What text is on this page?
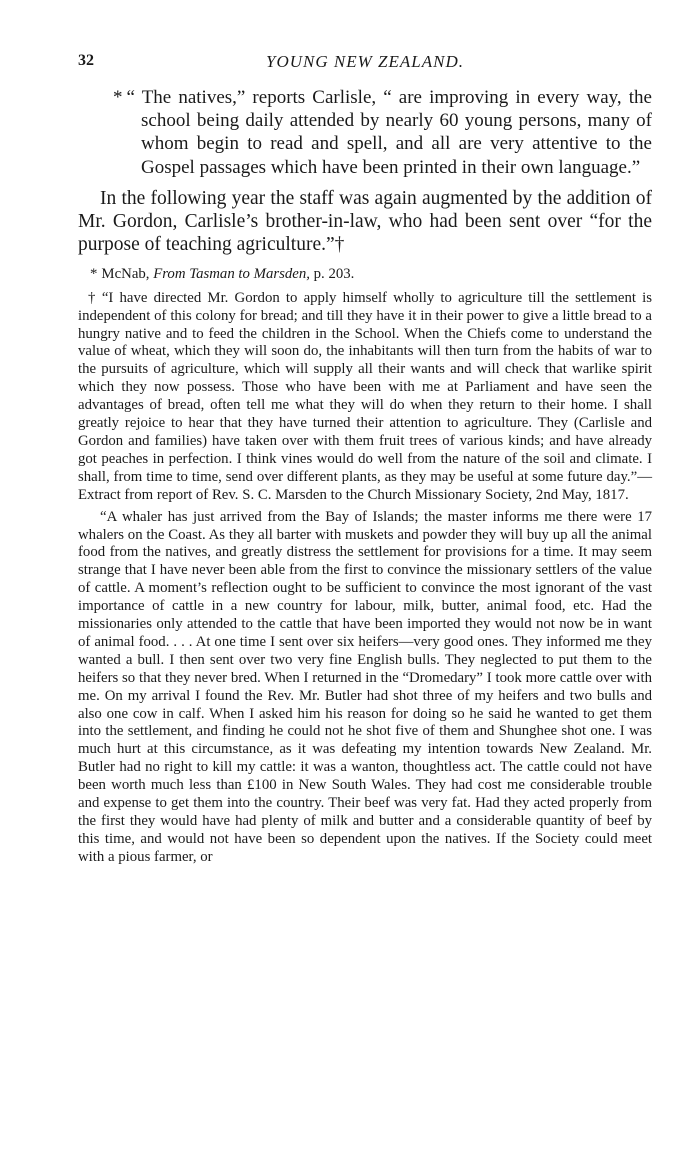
32	YOUNG NEW ZEALAND.

* “ The natives,” reports Carlisle, “ are improving in every way, the school being daily attended by nearly 60 young persons, many of whom begin to read and spell, and all are very attentive to the Gospel passages which have been printed in their own language.”

In the following year the staff was again augmented by the addition of Mr. Gordon, Carlisle’s brother-in-law, who had been sent over “for the purpose of teaching agriculture.”†

* McNab, From Tasman to Marsden, p. 203.

† “I have directed Mr. Gordon to apply himself wholly to agriculture till the settlement is independent of this colony for bread; and till they have it in their power to give a little bread to a hungry native and to feed the children in the School. When the Chiefs come to understand the value of wheat, which they will soon do, the inhabitants will then turn from the habits of war to the pursuits of agriculture, which will supply all their wants and will check that warlike spirit which they now possess. Those who have been with me at Parliament and have seen the advantages of bread, often tell me what they will do when they return to their home. I shall greatly rejoice to hear that they have turned their attention to agriculture. They (Carlisle and Gordon and families) have taken over with them fruit trees of various kinds; and have already got peaches in perfection. I think vines would do well from the nature of the soil and climate. I shall, from time to time, send over different plants, as they may be useful at some future day.”—Extract from report of Rev. S. C. Marsden to the Church Missionary Society, 2nd May, 1817.

“A whaler has just arrived from the Bay of Islands; the master informs me there were 17 whalers on the Coast. As they all barter with muskets and powder they will buy up all the animal food from the natives, and greatly distress the settlement for provisions for a time. It may seem strange that I have never been able from the first to convince the missionary settlers of the value of cattle. A moment’s reflection ought to be sufficient to convince the most ignorant of the vast importance of cattle in a new country for labour, milk, butter, animal food, etc. Had the missionaries only attended to the cattle that have been imported they would not now be in want of animal food. . . . At one time I sent over six heifers—very good ones. They informed me they wanted a bull. I then sent over two very fine English bulls. They neglected to put them to the heifers so that they never bred. When I returned in the “Dromedary” I took more cattle over with me. On my arrival I found the Rev. Mr. Butler had shot three of my heifers and two bulls and also one cow in calf. When I asked him his reason for doing so he said he wanted to get them into the settlement, and finding he could not he shot five of them and Shunghee shot one. I was much hurt at this circumstance, as it was defeating my intention towards New Zealand. Mr. Butler had no right to kill my cattle: it was a wanton, thoughtless act. The cattle could not have been worth much less than £100 in New South Wales. They had cost me considerable trouble and expense to get them into the country. Their beef was very fat. Had they acted properly from the first they would have had plenty of milk and butter and a considerable quantity of beef by this time, and would not have been so dependent upon the natives. If the Society could meet with a pious farmer, or
